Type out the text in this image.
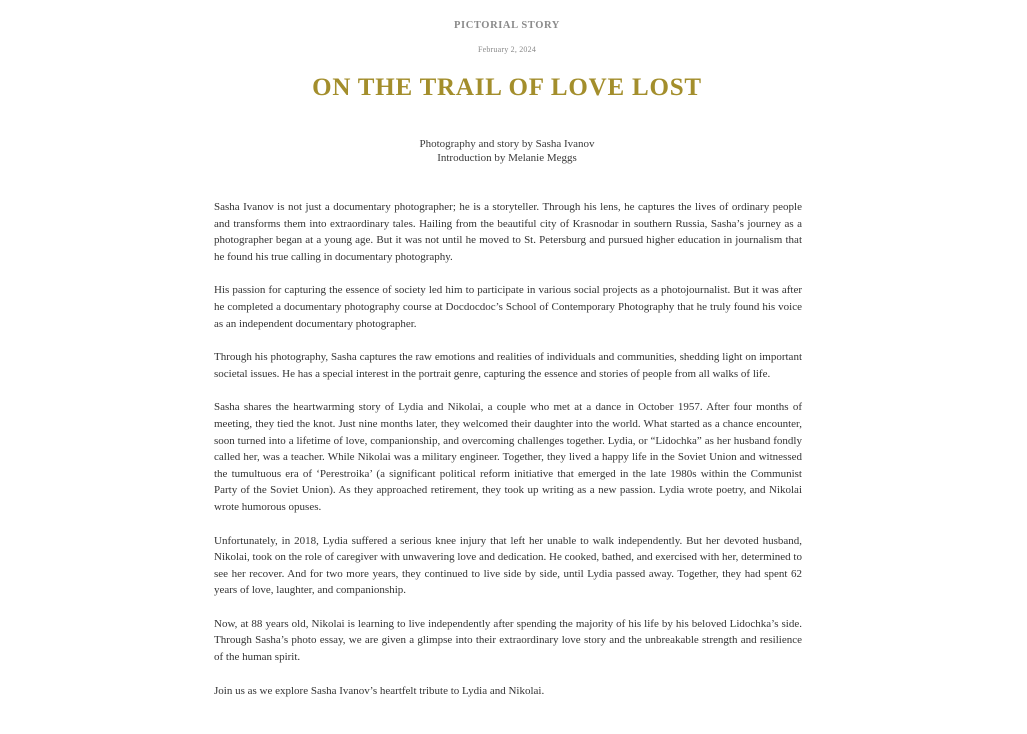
PICTORIAL STORY
February 2, 2024
ON THE TRAIL OF LOVE LOST
Photography and story by Sasha Ivanov
Introduction by Melanie Meggs

Sasha Ivanov is not just a documentary photographer; he is a storyteller. Through his lens, he captures the lives of ordinary people and transforms them into extraordinary tales. Hailing from the beautiful city of Krasnodar in southern Russia, Sasha’s journey as a photographer began at a young age. But it was not until he moved to St. Petersburg and pursued higher education in journalism that he found his true calling in documentary photography.

His passion for capturing the essence of society led him to participate in various social projects as a photojournalist. But it was after he completed a documentary photography course at Docdocdoc’s School of Contemporary Photography that he truly found his voice as an independent documentary photographer.

Through his photography, Sasha captures the raw emotions and realities of individuals and communities, shedding light on important societal issues. He has a special interest in the portrait genre, capturing the essence and stories of people from all walks of life.

Sasha shares the heartwarming story of Lydia and Nikolai, a couple who met at a dance in October 1957. After four months of meeting, they tied the knot. Just nine months later, they welcomed their daughter into the world. What started as a chance encounter, soon turned into a lifetime of love, companionship, and overcoming challenges together. Lydia, or “Lidochka” as her husband fondly called her, was a teacher. While Nikolai was a military engineer. Together, they lived a happy life in the Soviet Union and witnessed the tumultuous era of ‘Perestroika’ (a significant political reform initiative that emerged in the late 1980s within the Communist Party of the Soviet Union). As they approached retirement, they took up writing as a new passion. Lydia wrote poetry, and Nikolai wrote humorous opuses.

Unfortunately, in 2018, Lydia suffered a serious knee injury that left her unable to walk independently. But her devoted husband, Nikolai, took on the role of caregiver with unwavering love and dedication. He cooked, bathed, and exercised with her, determined to see her recover. And for two more years, they continued to live side by side, until Lydia passed away. Together, they had spent 62 years of love, laughter, and companionship.

Now, at 88 years old, Nikolai is learning to live independently after spending the majority of his life by his beloved Lidochka’s side. Through Sasha’s photo essay, we are given a glimpse into their extraordinary love story and the unbreakable strength and resilience of the human spirit.

Join us as we explore Sasha Ivanov’s heartfelt tribute to Lydia and Nikolai.
